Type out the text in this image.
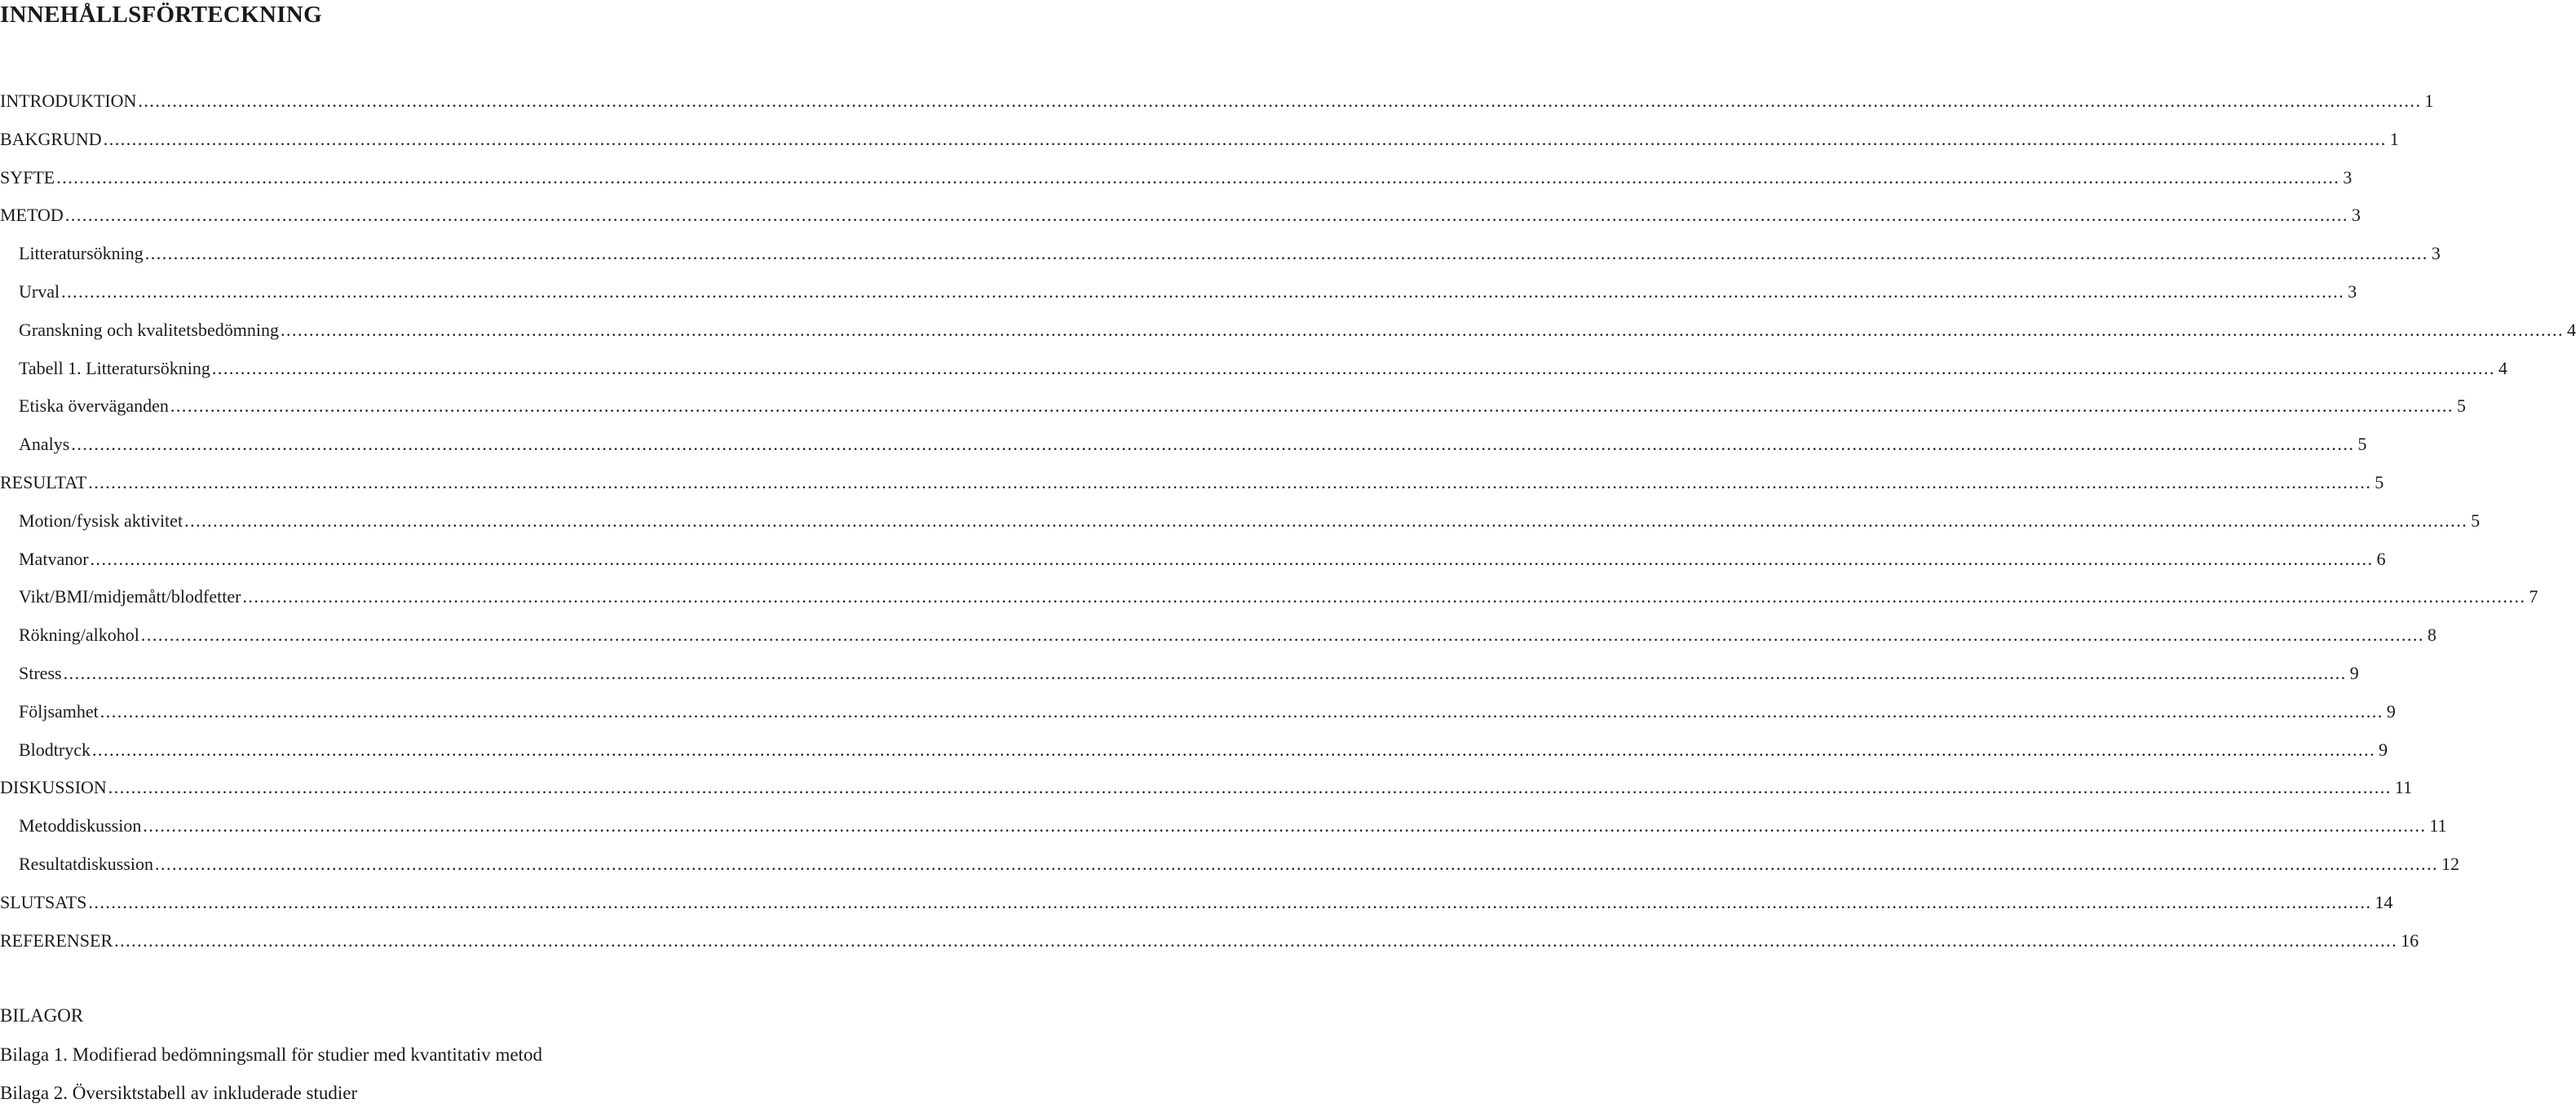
INNEHÅLLSFÖRTECKNING
INTRODUKTION ................................................................................................................................................................................................................................................................................................................................................................................................................ 1
BAKGRUND ................................................................................................................................................................................................................................................................................................................................................................................................................ 1
SYFTE ................................................................................................................................................................................................................................................................................................................................................................................................................ 3
METOD ................................................................................................................................................................................................................................................................................................................................................................................................................ 3
Litteratursökning ................................................................................................................................................................................................................................................................................................................................................................................................................ 3
Urval ................................................................................................................................................................................................................................................................................................................................................................................................................ 3
Granskning och kvalitetsbedömning ................................................................................................................................................................................................................................................................................................................................................................................................................ 4
Tabell 1. Litteratursökning ................................................................................................................................................................................................................................................................................................................................................................................................................ 4
Etiska överväganden ................................................................................................................................................................................................................................................................................................................................................................................................................ 5
Analys ................................................................................................................................................................................................................................................................................................................................................................................................................ 5
RESULTAT ................................................................................................................................................................................................................................................................................................................................................................................................................ 5
Motion/fysisk aktivitet ................................................................................................................................................................................................................................................................................................................................................................................................................ 5
Matvanor ................................................................................................................................................................................................................................................................................................................................................................................................................ 6
Vikt/BMI/midjemått/blodfetter ................................................................................................................................................................................................................................................................................................................................................................................................................ 7
Rökning/alkohol ................................................................................................................................................................................................................................................................................................................................................................................................................ 8
Stress ................................................................................................................................................................................................................................................................................................................................................................................................................ 9
Följsamhet ................................................................................................................................................................................................................................................................................................................................................................................................................ 9
Blodtryck ................................................................................................................................................................................................................................................................................................................................................................................................................ 9
DISKUSSION ................................................................................................................................................................................................................................................................................................................................................................................................................ 11
Metoddiskussion ................................................................................................................................................................................................................................................................................................................................................................................................................ 11
Resultatdiskussion ................................................................................................................................................................................................................................................................................................................................................................................................................ 12
SLUTSATS ................................................................................................................................................................................................................................................................................................................................................................................................................ 14
REFERENSER ................................................................................................................................................................................................................................................................................................................................................................................................................ 16
BILAGOR
Bilaga 1. Modifierad bedömningsmall för studier med kvantitativ metod
Bilaga 2. Översiktstabell av inkluderade studier
